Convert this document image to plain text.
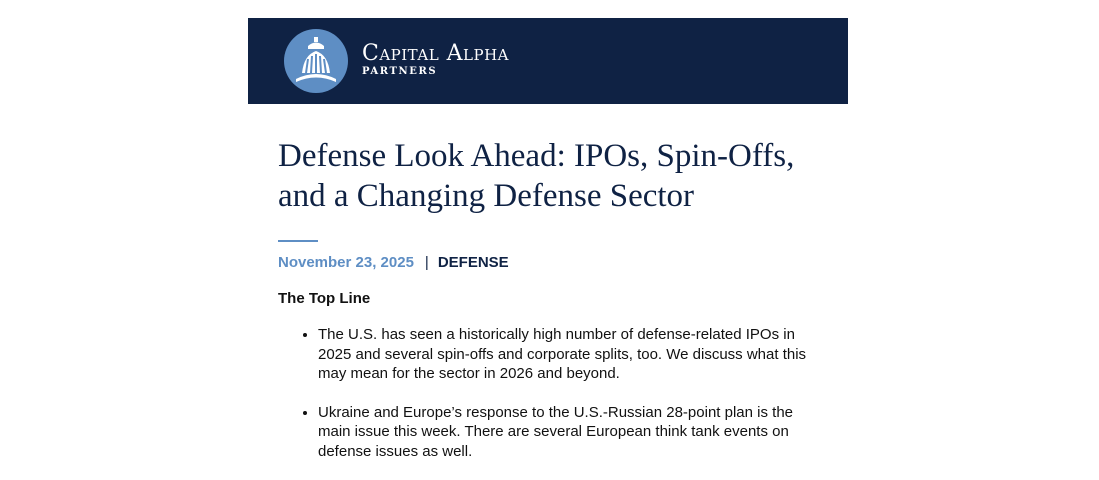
Capital Alpha
PARTNERS
Defense Look Ahead: IPOs, Spin-Offs,
and a Changing Defense Sector
November 23, 2025 | DEFENSE
The Top Line
• The U.S. has seen a historically high number of defense-related IPOs in 2025 and several spin-offs and corporate splits, too. We discuss what this may mean for the sector in 2026 and beyond.
• Ukraine and Europe’s response to the U.S.-Russian 28-point plan is the main issue this week. There are several European think tank events on defense issues as well.
